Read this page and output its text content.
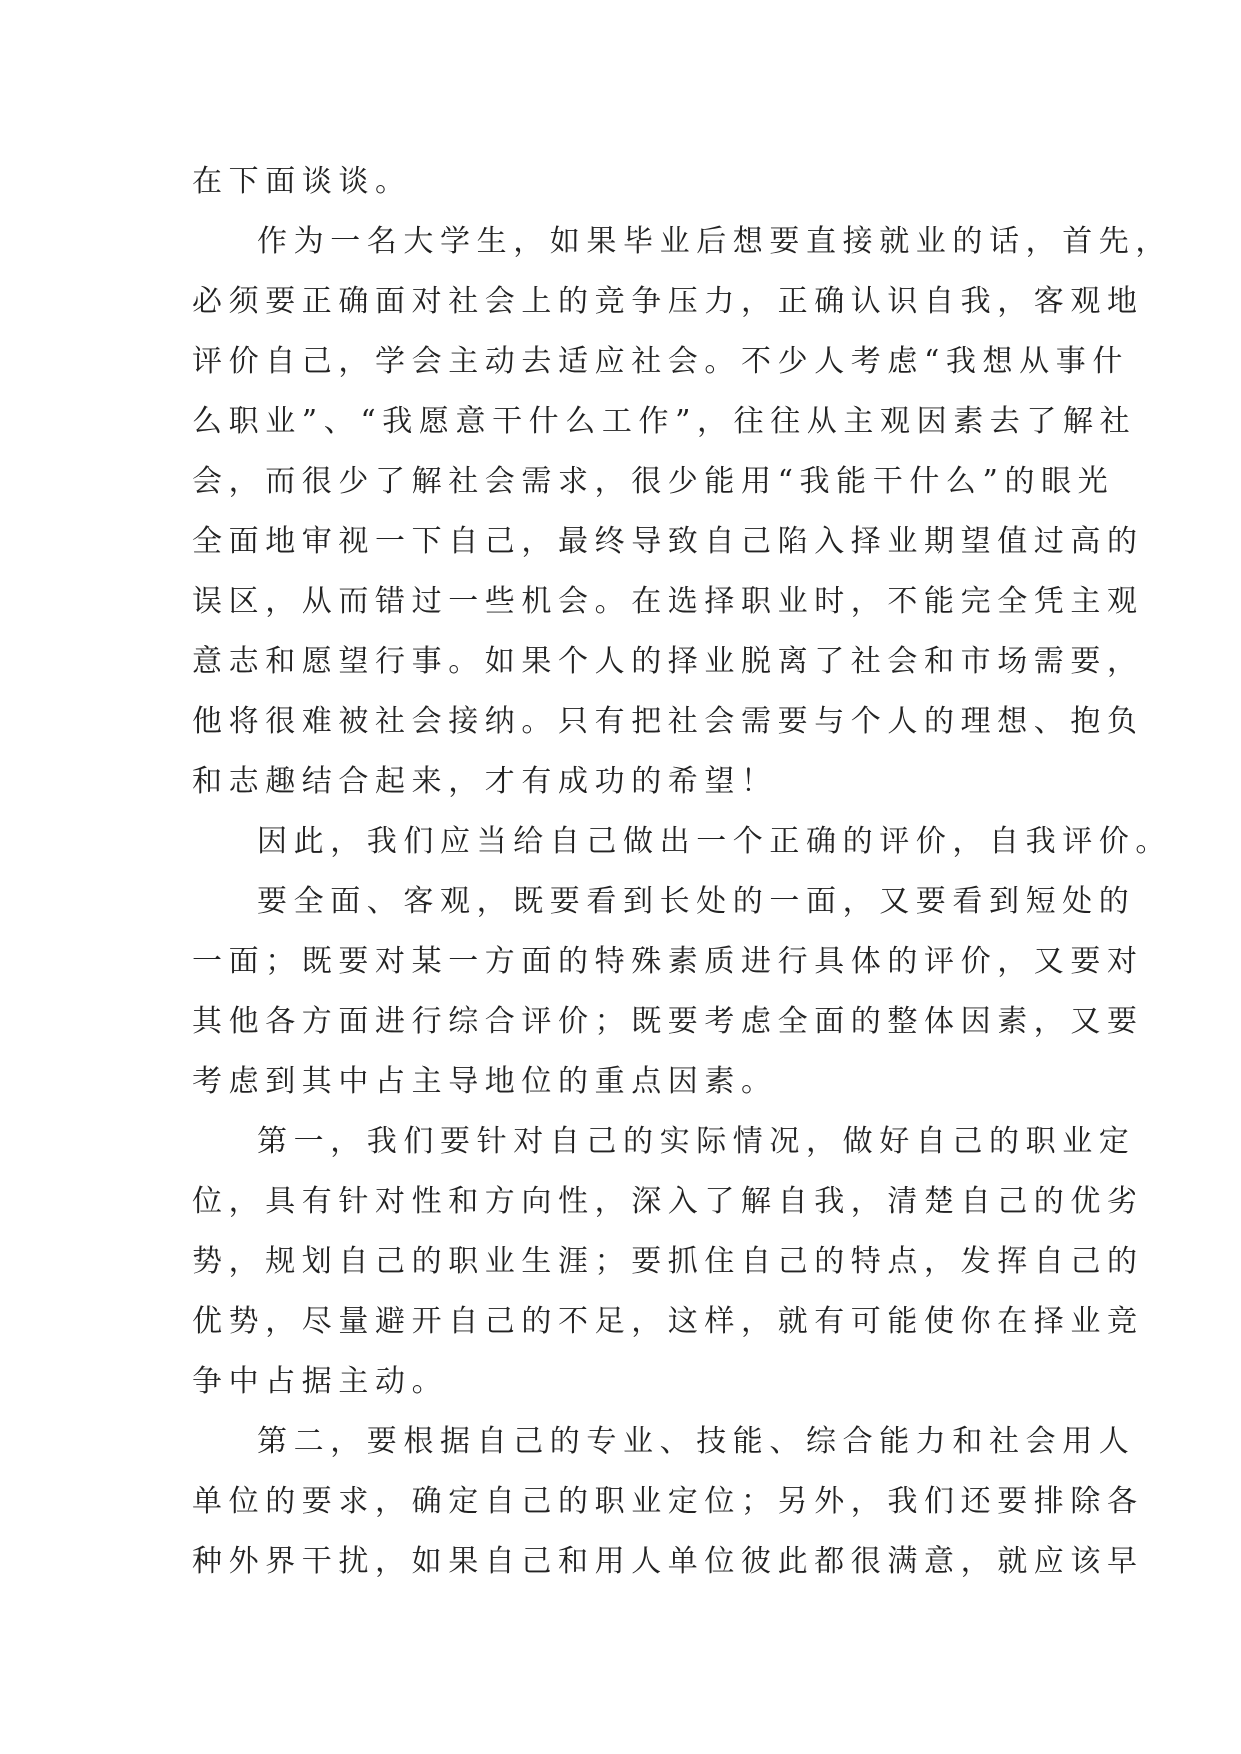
在下面谈谈。
作为一名大学生，如果毕业后想要直接就业的话，首先，
必须要正确面对社会上的竞争压力，正确认识自我，客观地
评价自己，学会主动去适应社会。不少人考虑“我想从事什
么职业”、“我愿意干什么工作”，往往从主观因素去了解社
会，而很少了解社会需求，很少能用“我能干什么”的眼光
全面地审视一下自己，最终导致自己陷入择业期望值过高的
误区，从而错过一些机会。在选择职业时，不能完全凭主观
意志和愿望行事。如果个人的择业脱离了社会和市场需要，
他将很难被社会接纳。只有把社会需要与个人的理想、抱负
和志趣结合起来，才有成功的希望！
因此，我们应当给自己做出一个正确的评价，自我评价。
要全面、客观，既要看到长处的一面，又要看到短处的
一面；既要对某一方面的特殊素质进行具体的评价，又要对
其他各方面进行综合评价；既要考虑全面的整体因素，又要
考虑到其中占主导地位的重点因素。
第一，我们要针对自己的实际情况，做好自己的职业定
位，具有针对性和方向性，深入了解自我，清楚自己的优劣
势，规划自己的职业生涯；要抓住自己的特点，发挥自己的
优势，尽量避开自己的不足，这样，就有可能使你在择业竞
争中占据主动。
第二，要根据自己的专业、技能、综合能力和社会用人
单位的要求，确定自己的职业定位；另外，我们还要排除各
种外界干扰，如果自己和用人单位彼此都很满意，就应该早
